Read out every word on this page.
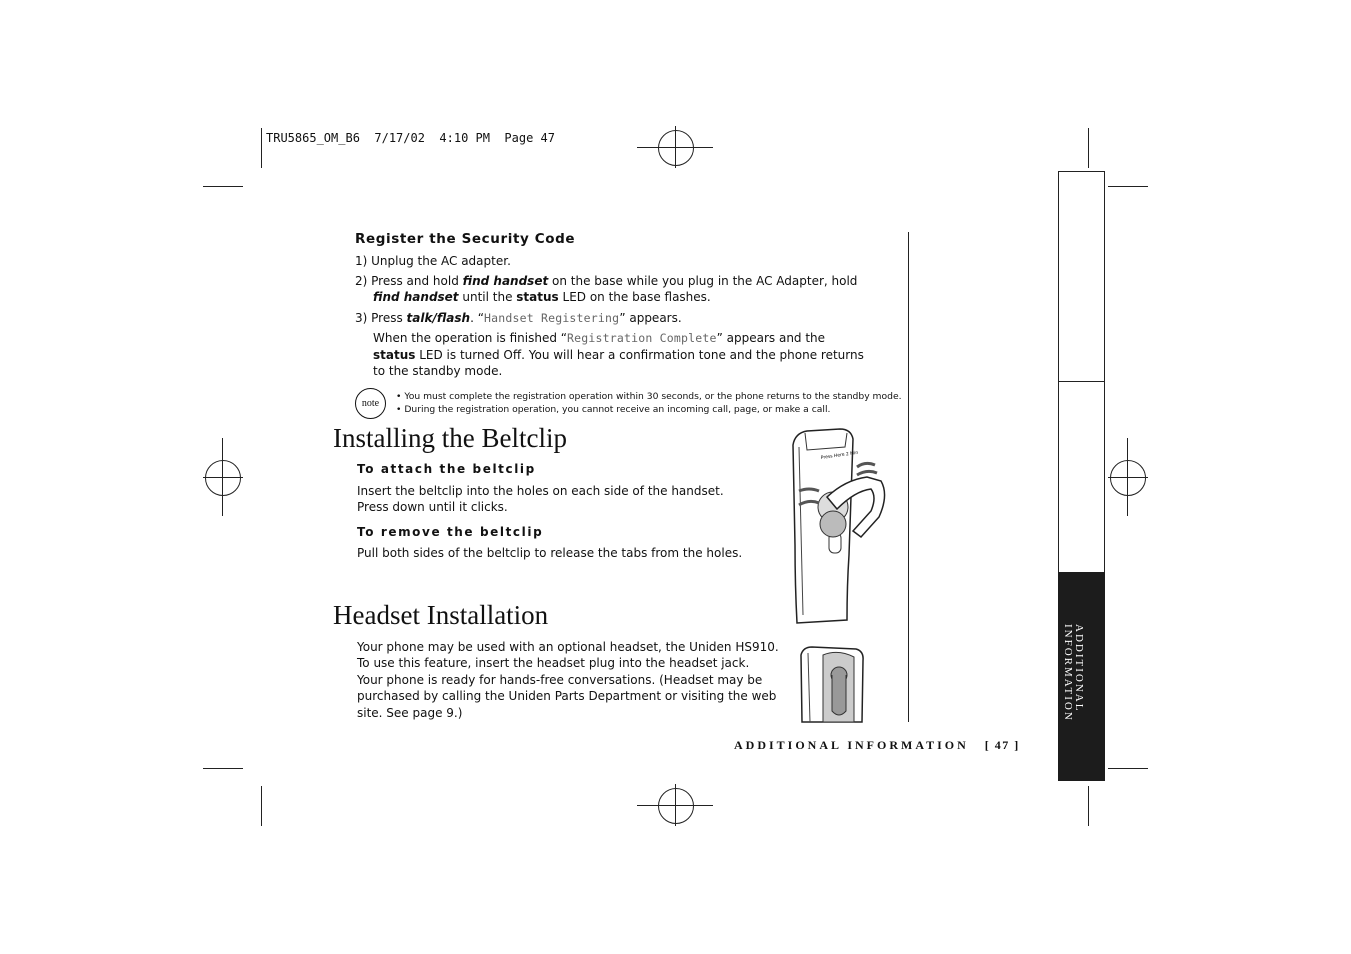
TRU5865_OM_B6  7/17/02  4:10 PM  Page 47
ADDITIONAL
INFORMATION
Register the Security Code
1) Unplug the AC adapter.
2) Press and hold find handset on the base while you plug in the AC Adapter, hold
find handset until the status LED on the base flashes.
3) Press talk/flash. “Handset Registering” appears.
When the operation is finished “Registration Complete” appears and the
status LED is turned Off. You will hear a confirmation tone and the phone returns
to the standby mode.
note
• You must complete the registration operation within 30 seconds, or the phone returns to the standby mode.
• During the registration operation, you cannot receive an incoming call, page, or make a call.
Installing the Beltclip
To attach the beltclip
Insert the beltclip into the holes on each side of the handset.
Press down until it clicks.
To remove the beltclip
Pull both sides of the beltclip to release the tabs from the holes.
Press Here 2 Min
Headset Installation
Your phone may be used with an optional headset, the Uniden HS910.
To use this feature, insert the headset plug into the headset jack.
Your phone is ready for hands-free conversations. (Headset may be
purchased by calling the Uniden Parts Department or visiting the web
site. See page 9.)
ADDITIONAL INFORMATION [ 47 ]
